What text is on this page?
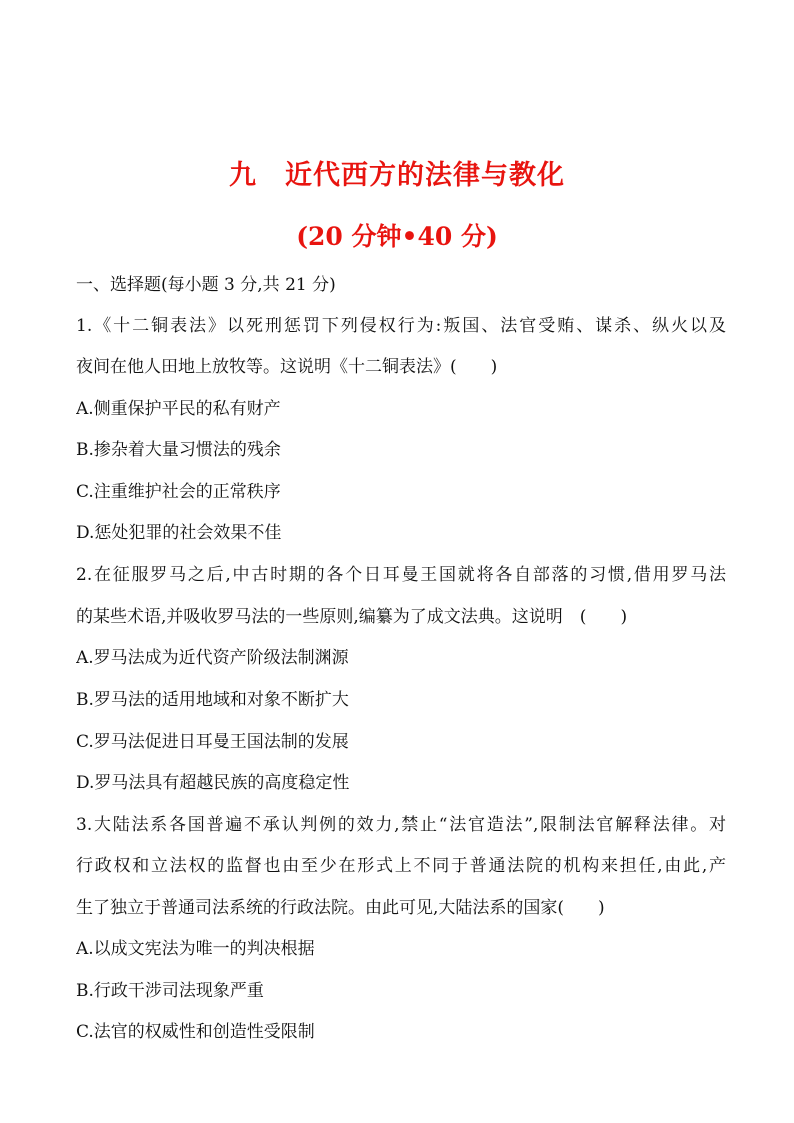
九　近代西方的法律与教化
(20 分钟•40 分)
一、选择题(每小题 3 分,共 21 分)
1.《十二铜表法》以死刑惩罚下列侵权行为:叛国、法官受贿、谋杀、纵火以及
夜间在他人田地上放牧等。这说明《十二铜表法》(　　)
A.侧重保护平民的私有财产
B.掺杂着大量习惯法的残余
C.注重维护社会的正常秩序
D.惩处犯罪的社会效果不佳
2.在征服罗马之后,中古时期的各个日耳曼王国就将各自部落的习惯,借用罗马法
的某些术语,并吸收罗马法的一些原则,编纂为了成文法典。这说明　(　　)
A.罗马法成为近代资产阶级法制渊源
B.罗马法的适用地域和对象不断扩大
C.罗马法促进日耳曼王国法制的发展
D.罗马法具有超越民族的高度稳定性
3.大陆法系各国普遍不承认判例的效力,禁止“法官造法”,限制法官解释法律。对
行政权和立法权的监督也由至少在形式上不同于普通法院的机构来担任,由此,产
生了独立于普通司法系统的行政法院。由此可见,大陆法系的国家(　　)
A.以成文宪法为唯一的判决根据
B.行政干涉司法现象严重
C.法官的权威性和创造性受限制
